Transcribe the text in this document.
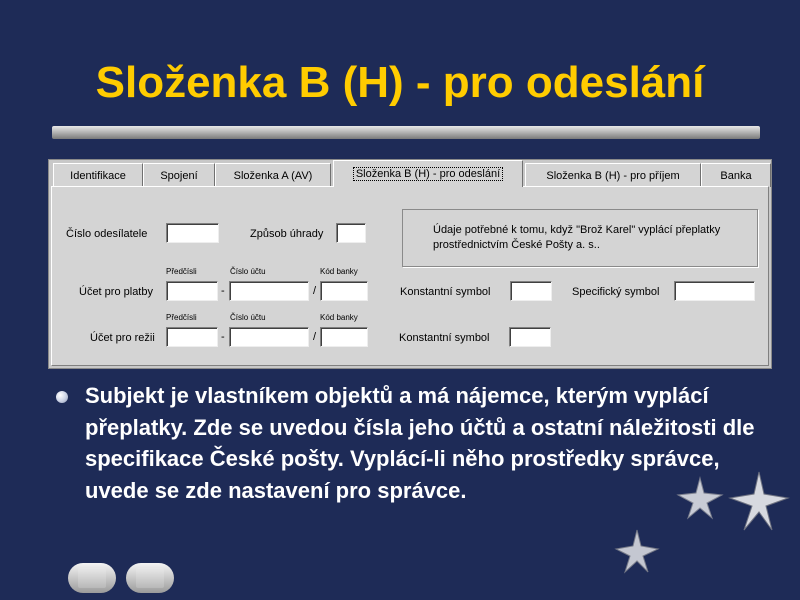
Složenka B (H) - pro odeslání
Identifikace	Spojení	Složenka A (AV)	Složenka B (H) - pro odeslání	Složenka B (H) - pro příjem	Banka
Číslo odesílatele	Způsob úhrady	Údaje potřebné k tomu, když "Brož Karel" vyplácí přeplatky prostřednictvím České Pošty a. s..
Předčísli	Číslo účtu	Kód banky
Účet pro platby	-	/	Konstantní symbol	Specifický symbol
Předčísli	Číslo účtu	Kód banky
Účet pro režii	-	/	Konstantní symbol
Subjekt je vlastníkem objektů a má nájemce, kterým vyplácí přeplatky. Zde se uvedou čísla jeho účtů a ostatní náležitosti dle specifikace České pošty. Vyplácí-li něho prostředky správce, uvede se zde nastavení pro správce.
